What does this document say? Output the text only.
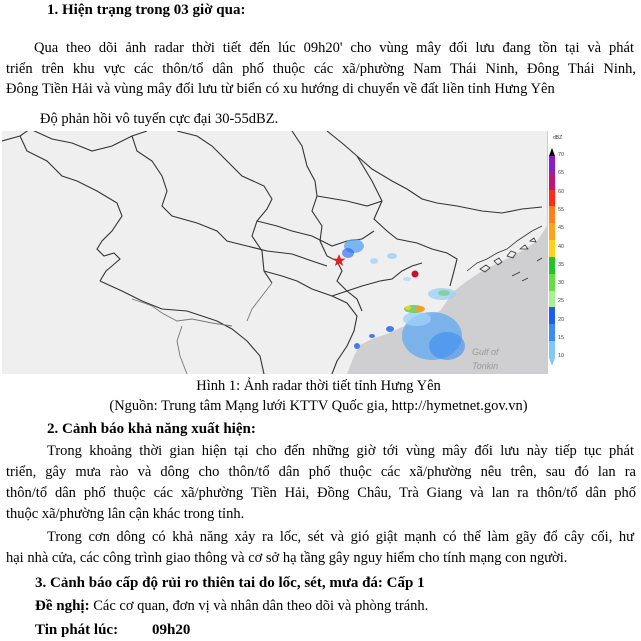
1. Hiện trạng trong 03 giờ qua:
Qua theo dõi ảnh radar thời tiết đến lúc 09h20' cho vùng mây đối lưu đang tồn tại và phát
triển trên khu vực các thôn/tổ dân phố thuộc các xã/phường Nam Thái Ninh, Đông Thái Ninh,
Đông Tiền Hải và vùng mây đối lưu từ biển có xu hướng di chuyển về đất liền tỉnh Hưng Yên
Độ phản hồi vô tuyến cực đại 30-55dBZ.
Gulf of
Tonkin
dBZ
70
65
60
55
45
40
35
30
25
20
15
10
Hình 1: Ảnh radar thời tiết tỉnh Hưng Yên
(Nguồn: Trung tâm Mạng lưới KTTV Quốc gia, http://hymetnet.gov.vn)
2. Cảnh báo khả năng xuất hiện:
Trong khoảng thời gian hiện tại cho đến những giờ tới vùng mây đối lưu này tiếp tục phát
triển, gây mưa rào và dông cho thôn/tổ dân phố thuộc các xã/phường nêu trên, sau đó lan ra
thôn/tổ dân phố thuộc các xã/phường Tiền Hải, Đồng Châu, Trà Giang và lan ra thôn/tổ dân phố
thuộc xã/phường lân cận khác trong tỉnh.
Trong cơn dông có khả năng xảy ra lốc, sét và gió giật mạnh có thể làm gãy đổ cây cối, hư
hại nhà cửa, các công trình giao thông và cơ sở hạ tầng gây nguy hiểm cho tính mạng con người.
3. Cảnh báo cấp độ rủi ro thiên tai do lốc, sét, mưa đá: Cấp 1
Đề nghị: Các cơ quan, đơn vị và nhân dân theo dõi và phòng tránh.
Tin phát lúc: 09h20
